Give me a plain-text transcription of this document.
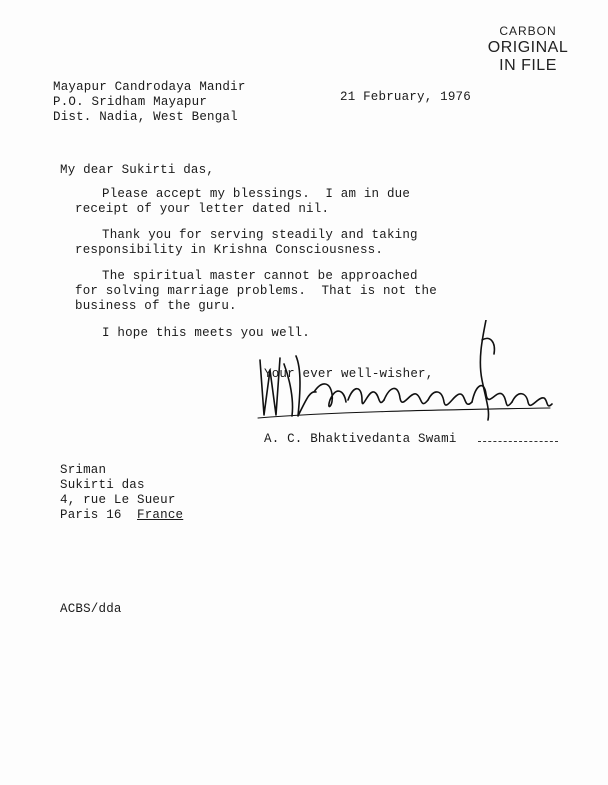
CARBON
ORIGINAL
IN FILE
Mayapur Candrodaya Mandir
P.O. Sridham Mayapur
Dist. Nadia, West Bengal
21 February, 1976
My dear Sukirti das,
Please accept my blessings.  I am in due
receipt of your letter dated nil.
Thank you for serving steadily and taking
responsibility in Krishna Consciousness.
The spiritual master cannot be approached
for solving marriage problems.  That is not the
business of the guru.
I hope this meets you well.
Your ever well-wisher,
A. C. Bhaktivedanta Swami
Sriman
Sukirti das
4, rue Le Sueur
Paris 16 France
ACBS/dda
